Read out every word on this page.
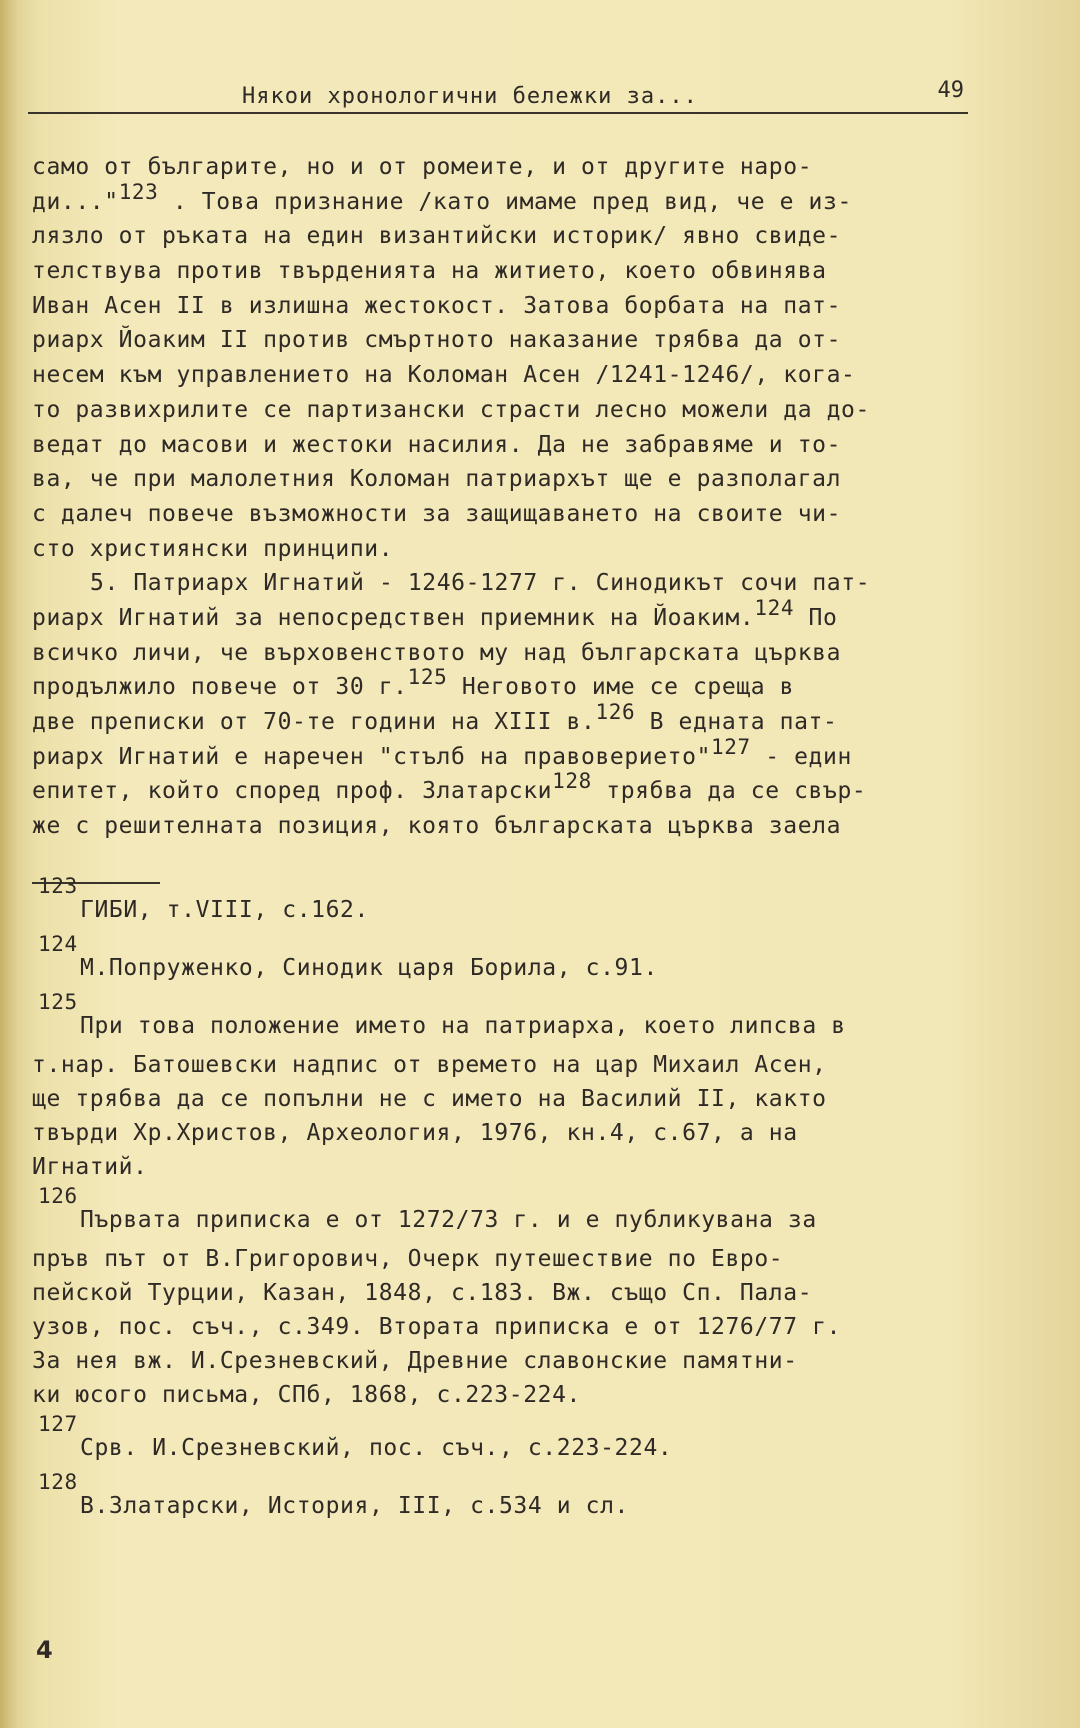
Някои хронологични бележки за...	49
само от българите, но и от ромеите, и от другите наро-
ди..."123 . Това признание /като имаме пред вид, че е из-
лязло от ръката на един византийски историк/ явно свиде-
телствува против твърденията на житието, което обвинява
Иван Асен II в излишна жестокост. Затова борбата на пат-
риарх Йоаким II против смъртното наказание трябва да от-
несем към управлението на Коломан Асен /1241-1246/, кога-
то развихрилите се партизански страсти лесно можели да до-
ведат до масови и жестоки насилия. Да не забравяме и то-
ва, че при малолетния Коломан патриархът ще е разполагал
с далеч повече възможности за защищаването на своите чи-
сто християнски принципи.
5. Патриарх Игнатий - 1246-1277 г. Синодикът сочи пат-
риарх Игнатий за непосредствен приемник на Йоаким.124 По
всичко личи, че върховенството му над българската църква
продължило повече от 30 г.125 Неговото име се среща в
две преписки от 70-те години на XIII в.126 В едната пат-
риарх Игнатий е наречен "стълб на правоверието"127 - един
епитет, който според проф. Златарски128 трябва да се свър-
же с решителната позиция, която българската църква заела
123
ГИБИ, т.VIII, с.162.
124
М.Попруженко, Синодик царя Борила, с.91.
125
При това положение името на патриарха, което липсва в
т.нар. Батошевски надпис от времето на цар Михаил Асен,
ще трябва да се попълни не с името на Василий II, както
твърди Хр.Христов, Археология, 1976, кн.4, с.67, а на
Игнатий.
126
Първата приписка е от 1272/73 г. и е публикувана за
пръв път от В.Григорович, Очерк путешествие по Евро-
пейской Турции, Казан, 1848, с.183. Вж. също Сп. Пала-
узов, пос. съч., с.349. Втората приписка е от 1276/77 г.
За нея вж. И.Срезневский, Древние славонские памятни-
ки юсого письма, СПб, 1868, с.223-224.
127
Срв. И.Срезневский, пос. съч., с.223-224.
128
В.Златарски, История, III, с.534 и сл.
4
